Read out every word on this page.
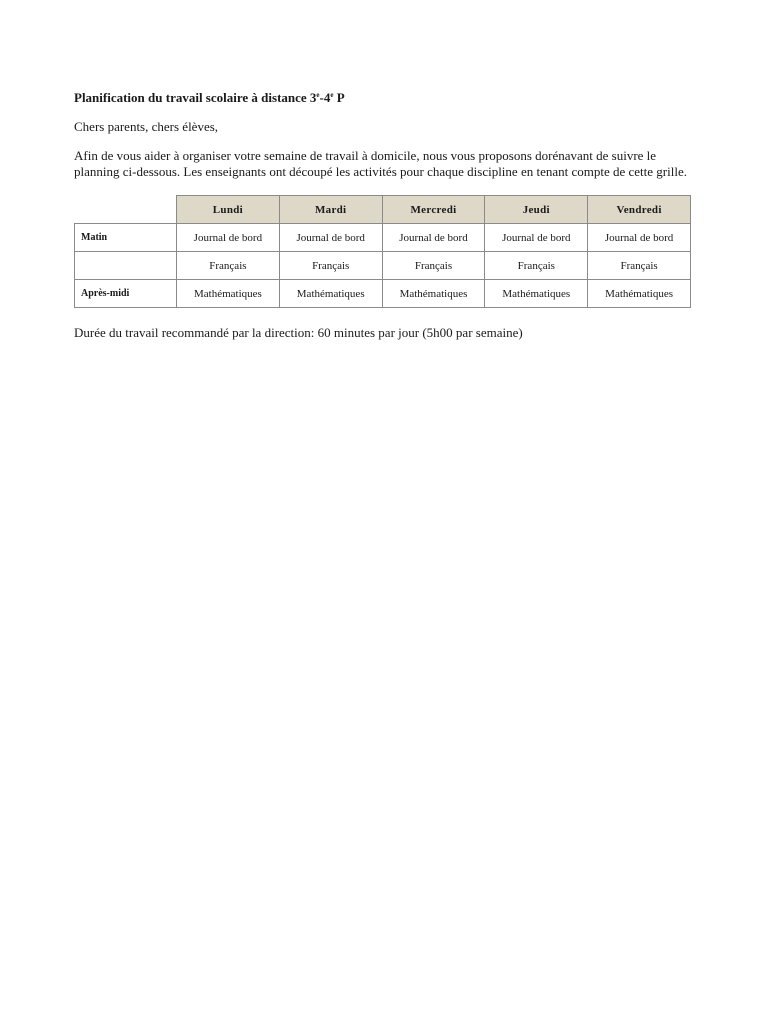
Planification du travail scolaire à distance 3e-4e P

Chers parents, chers élèves,

Afin de vous aider à organiser votre semaine de travail à domicile, nous vous proposons dorénavant de suivre le planning ci-dessous. Les enseignants ont découpé les activités pour chaque discipline en tenant compte de cette grille.

	Lundi	Mardi	Mercredi	Jeudi	Vendredi
Matin	Journal de bord	Journal de bord	Journal de bord	Journal de bord	Journal de bord
	Français	Français	Français	Français	Français
Après-midi	Mathématiques	Mathématiques	Mathématiques	Mathématiques	Mathématiques

Durée du travail recommandé par la direction: 60 minutes par jour (5h00 par semaine)
